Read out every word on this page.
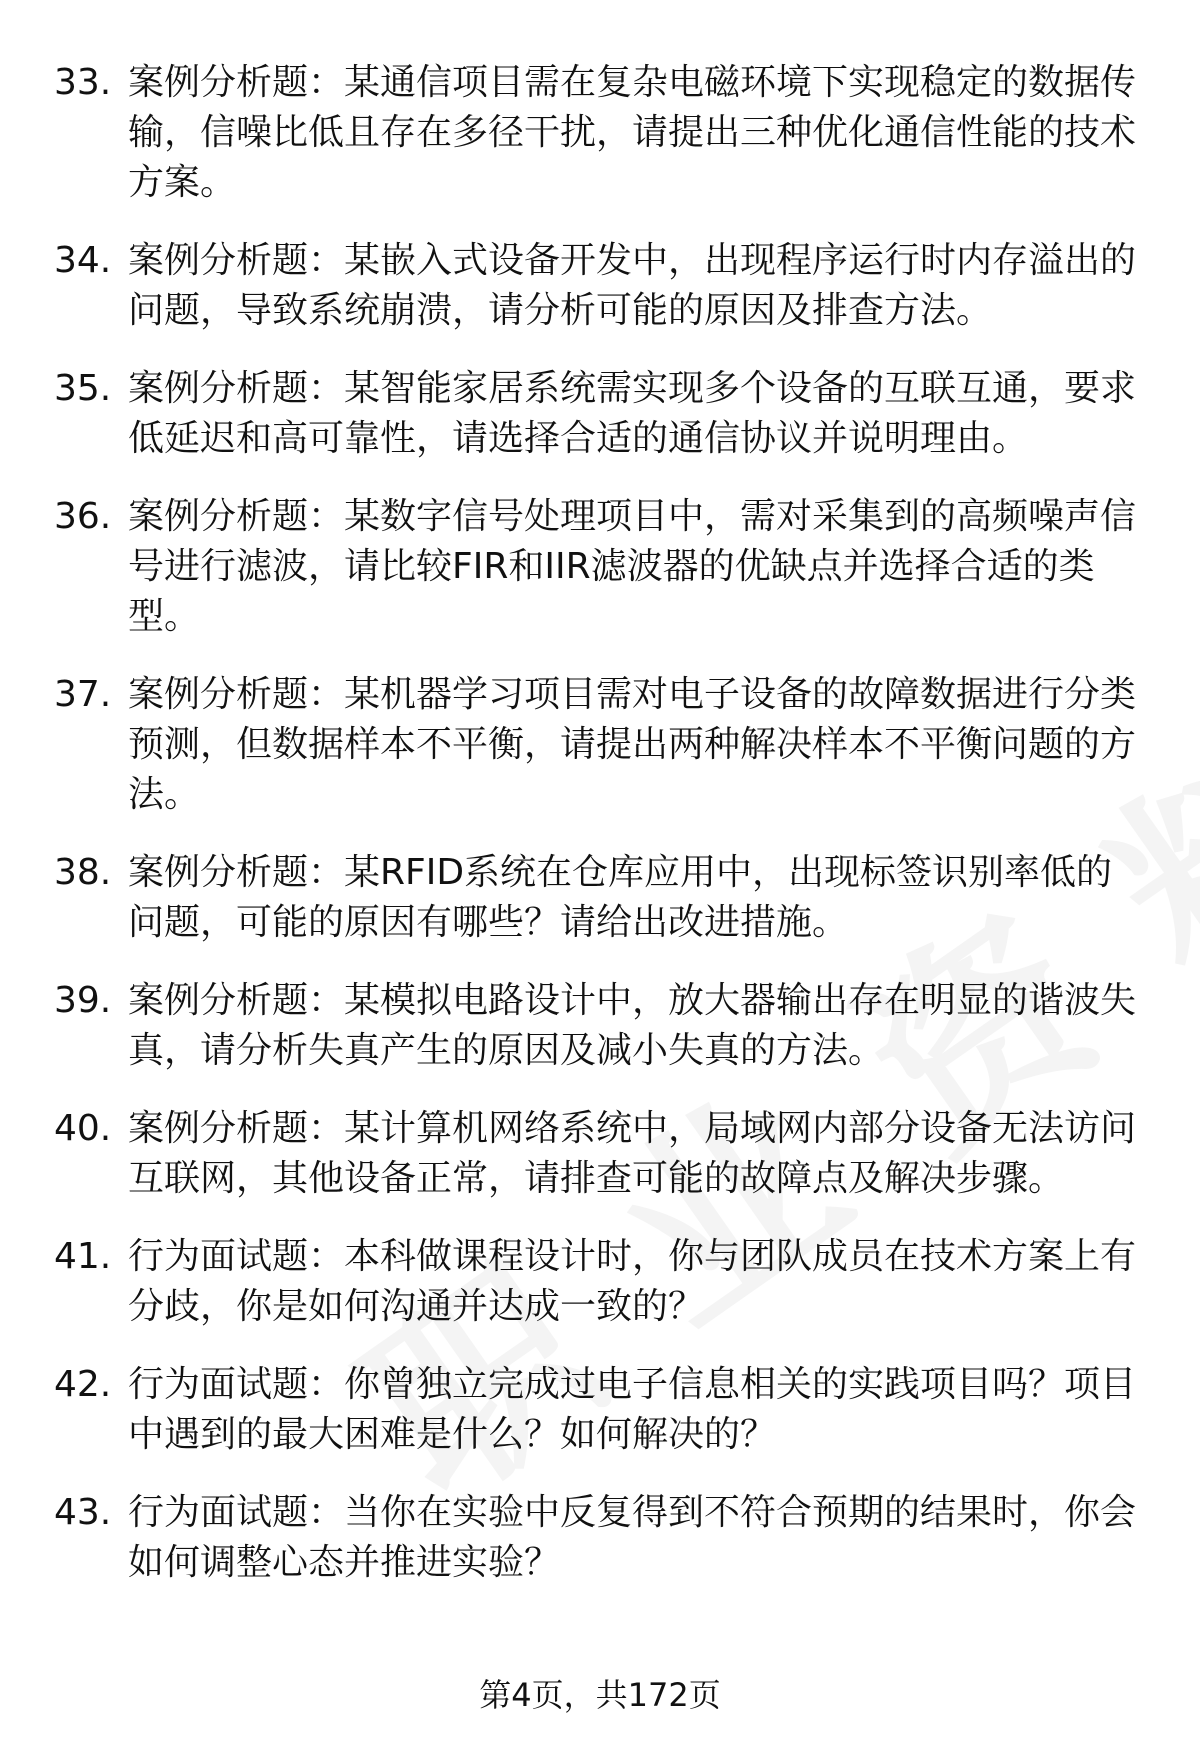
33. 案例分析题：某通信项目需在复杂电磁环境下实现稳定的数据传输，信噪比低且存在多径干扰，请提出三种优化通信性能的技术方案。
34. 案例分析题：某嵌入式设备开发中，出现程序运行时内存溢出的问题，导致系统崩溃，请分析可能的原因及排查方法。
35. 案例分析题：某智能家居系统需实现多个设备的互联互通，要求低延迟和高可靠性，请选择合适的通信协议并说明理由。
36. 案例分析题：某数字信号处理项目中，需对采集到的高频噪声信号进行滤波，请比较FIR和IIR滤波器的优缺点并选择合适的类型。
37. 案例分析题：某机器学习项目需对电子设备的故障数据进行分类预测，但数据样本不平衡，请提出两种解决样本不平衡问题的方法。
38. 案例分析题：某RFID系统在仓库应用中，出现标签识别率低的问题，可能的原因有哪些？请给出改进措施。
39. 案例分析题：某模拟电路设计中，放大器输出存在明显的谐波失真，请分析失真产生的原因及减小失真的方法。
40. 案例分析题：某计算机网络系统中，局域网内部分设备无法访问互联网，其他设备正常，请排查可能的故障点及解决步骤。
41. 行为面试题：本科做课程设计时，你与团队成员在技术方案上有分歧，你是如何沟通并达成一致的？
42. 行为面试题：你曾独立完成过电子信息相关的实践项目吗？项目中遇到的最大困难是什么？如何解决的？
43. 行为面试题：当你在实验中反复得到不符合预期的结果时，你会如何调整心态并推进实验？
第4页，共172页
